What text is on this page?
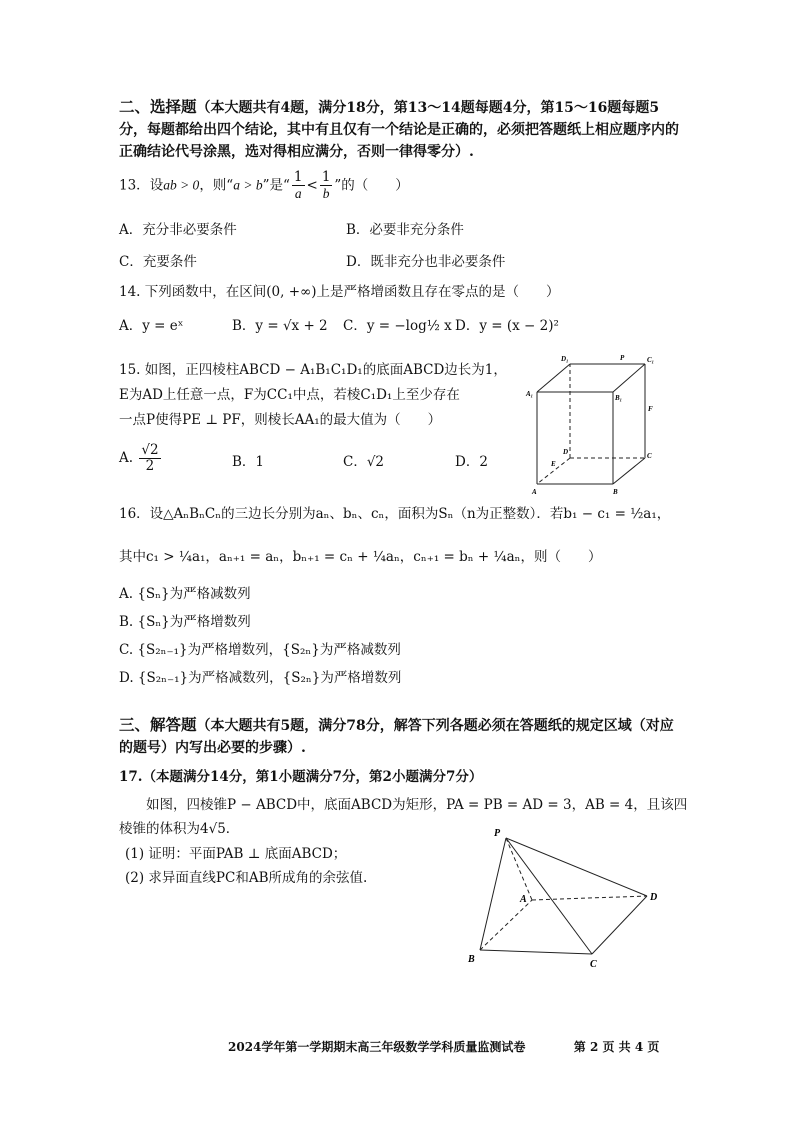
二、选择题（本大题共有4题，满分18分，第13～14题每题4分，第15～16题每题5分，每题都给出四个结论，其中有且仅有一个结论是正确的，必须把答题纸上相应题序内的正确结论代号涂黑，选对得相应满分，否则一律得零分）.
13．设ab > 0，则“a > b”是“ $\frac{1}{a} < \frac{1}{b}$ ”的（　　）
A．充分非必要条件	B．必要非充分条件
C．充要条件	D．既非充分也非必要条件
14. 下列函数中，在区间(0, +∞)上是严格增函数且存在零点的是（　　）
A．y = eˣ	B．y = √x + 2 C．y = −log½ x D．y = (x − 2)²
15. 如图，正四棱柱ABCD − A₁B₁C₁D₁的底面ABCD边长为1，
E为AD上任意一点，F为CC₁中点，若棱C₁D₁上至少存在
一点P使得PE ⊥ PF，则棱长AA₁的最大值为（　　）
A. $\frac{√2}{2}$	B．1	C．√2	D．2
D₁	P	C₁
A₁	B₁
F
D
E
C
A	B
16．设△AₙBₙCₙ的三边长分别为aₙ、bₙ、cₙ，面积为Sₙ（n为正整数）．若b₁ − c₁ = ½a₁，
其中c₁ > ¼a₁，aₙ₊₁ = aₙ，bₙ₊₁ = cₙ + ¼aₙ，cₙ₊₁ = bₙ + ¼aₙ，则（　　）
A. {Sₙ}为严格减数列
B. {Sₙ}为严格增数列
C. {S₂ₙ₋₁}为严格增数列，{S₂ₙ}为严格减数列
D. {S₂ₙ₋₁}为严格减数列，{S₂ₙ}为严格增数列
三、解答题（本大题共有5题，满分78分，解答下列各题必须在答题纸的规定区域（对应的题号）内写出必要的步骤）.
17.（本题满分14分，第1小题满分7分，第2小题满分7分）
如图，四棱锥P − ABCD中，底面ABCD为矩形，PA = PB = AD = 3，AB = 4，且该四
棱锥的体积为4√5．
(1) 证明：平面PAB ⊥ 底面ABCD；
(2) 求异面直线PC和AB所成角的余弦值.
P
A	D
B	C
2024学年第一学期期末高三年级数学学科质量监测试卷	第 2 页 共 4 页
